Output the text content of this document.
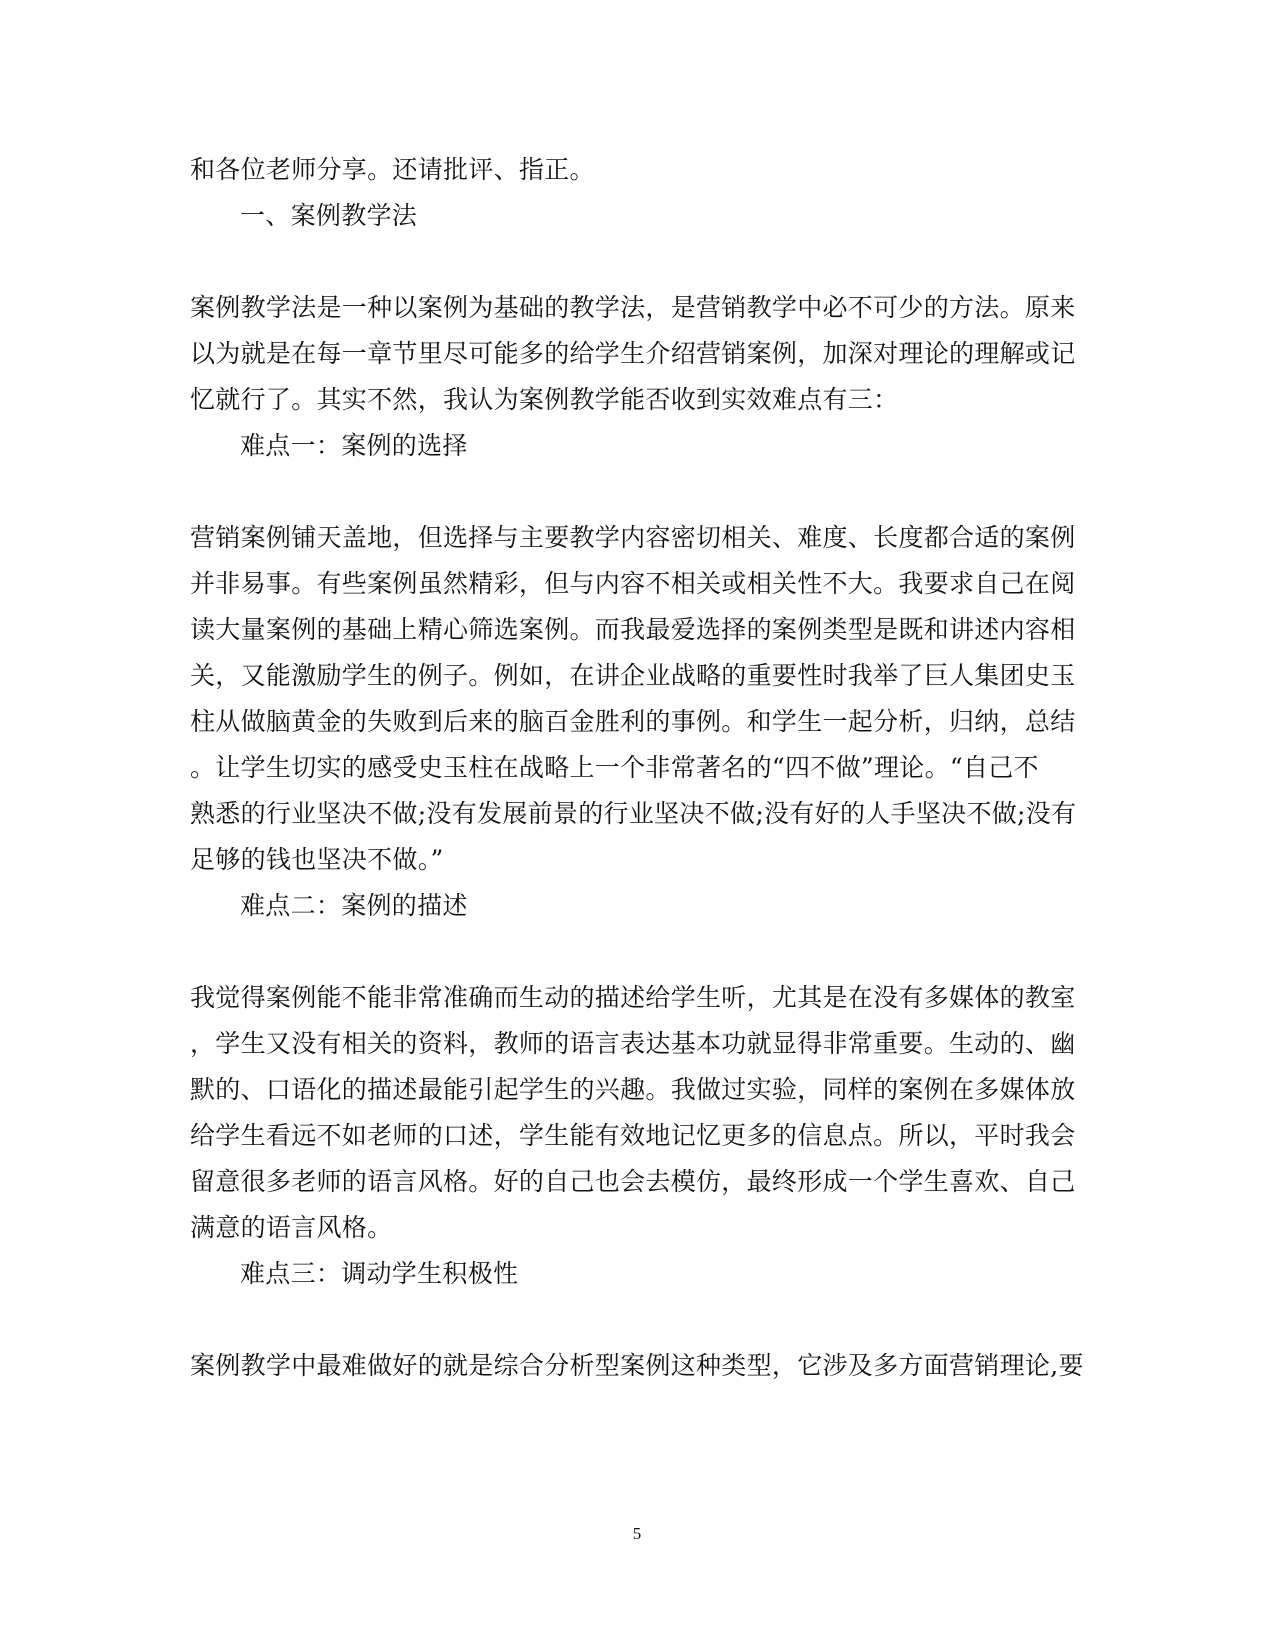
和各位老师分享。还请批评、指正。
一、案例教学法
案例教学法是一种以案例为基础的教学法，是营销教学中必不可少的方法。原来
以为就是在每一章节里尽可能多的给学生介绍营销案例，加深对理论的理解或记
忆就行了。其实不然，我认为案例教学能否收到实效难点有三：
难点一：案例的选择
营销案例铺天盖地，但选择与主要教学内容密切相关、难度、长度都合适的案例
并非易事。有些案例虽然精彩，但与内容不相关或相关性不大。我要求自己在阅
读大量案例的基础上精心筛选案例。而我最爱选择的案例类型是既和讲述内容相
关，又能激励学生的例子。例如，在讲企业战略的重要性时我举了巨人集团史玉
柱从做脑黄金的失败到后来的脑百金胜利的事例。和学生一起分析，归纳，总结
。让学生切实的感受史玉柱在战略上一个非常著名的“四不做”理论。“自己不
熟悉的行业坚决不做;没有发展前景的行业坚决不做;没有好的人手坚决不做;没有
足够的钱也坚决不做。”
难点二：案例的描述
我觉得案例能不能非常准确而生动的描述给学生听，尤其是在没有多媒体的教室
，学生又没有相关的资料，教师的语言表达基本功就显得非常重要。生动的、幽
默的、口语化的描述最能引起学生的兴趣。我做过实验，同样的案例在多媒体放
给学生看远不如老师的口述，学生能有效地记忆更多的信息点。所以，平时我会
留意很多老师的语言风格。好的自己也会去模仿，最终形成一个学生喜欢、自己
满意的语言风格。
难点三：调动学生积极性
案例教学中最难做好的就是综合分析型案例这种类型，它涉及多方面营销理论,要
5
